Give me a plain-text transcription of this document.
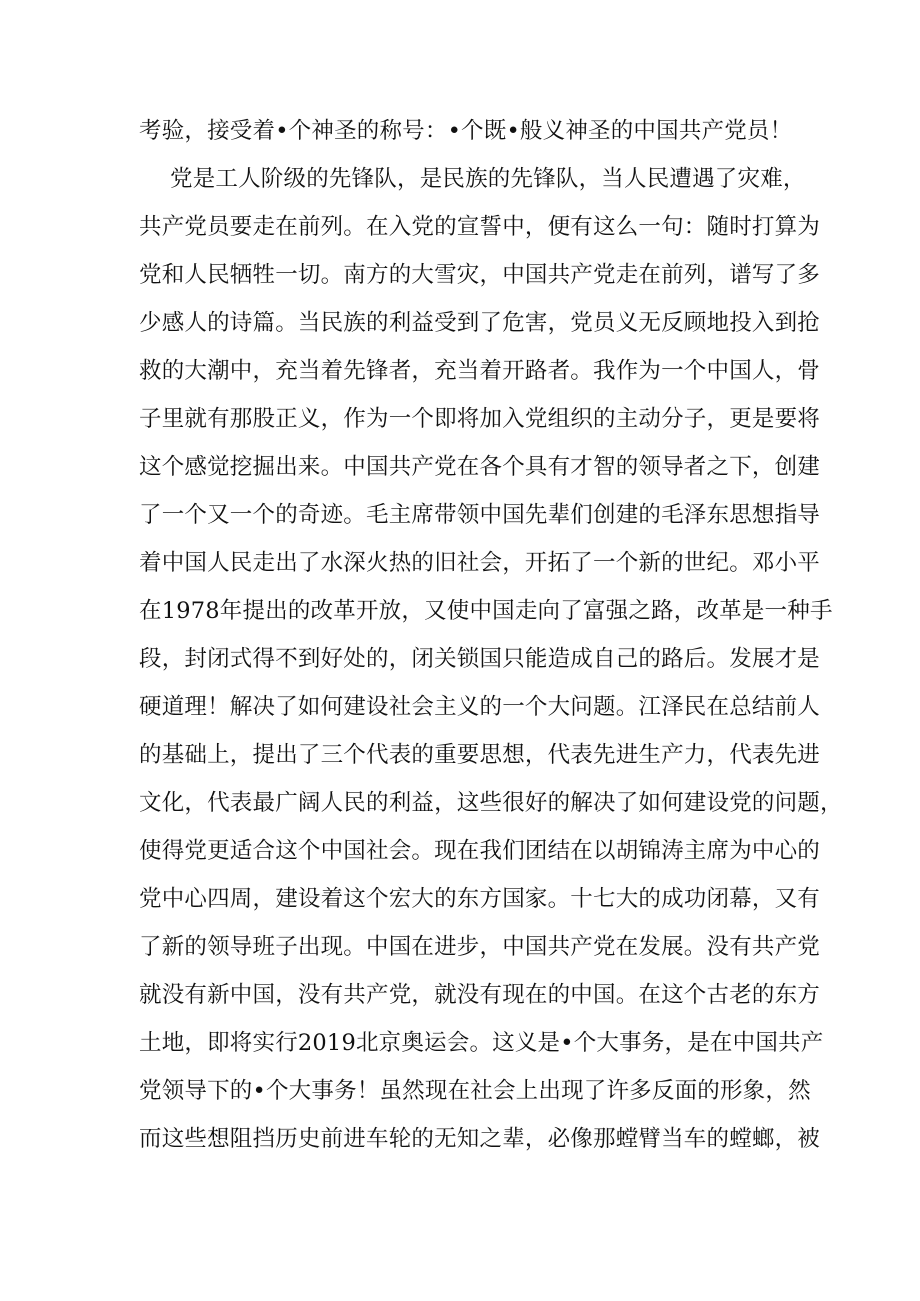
考验，接受着•个神圣的称号：•个既•般义神圣的中国共产党员！
党是工人阶级的先锋队，是民族的先锋队，当人民遭遇了灾难，
共产党员要走在前列。在入党的宣誓中，便有这么一句：随时打算为
党和人民牺牲一切。南方的大雪灾，中国共产党走在前列，谱写了多
少感人的诗篇。当民族的利益受到了危害，党员义无反顾地投入到抢
救的大潮中，充当着先锋者，充当着开路者。我作为一个中国人，骨
子里就有那股正义，作为一个即将加入党组织的主动分子，更是要将
这个感觉挖掘出来。中国共产党在各个具有才智的领导者之下，创建
了一个又一个的奇迹。毛主席带领中国先辈们创建的毛泽东思想指导
着中国人民走出了水深火热的旧社会，开拓了一个新的世纪。邓小平
在1978年提出的改革开放，又使中国走向了富强之路，改革是一种手
段，封闭式得不到好处的，闭关锁国只能造成自己的路后。发展才是
硬道理！解决了如何建设社会主义的一个大问题。江泽民在总结前人
的基础上，提出了三个代表的重要思想，代表先进生产力，代表先进
文化，代表最广阔人民的利益，这些很好的解决了如何建设党的问题，
使得党更适合这个中国社会。现在我们团结在以胡锦涛主席为中心的
党中心四周，建设着这个宏大的东方国家。十七大的成功闭幕，又有
了新的领导班子出现。中国在进步，中国共产党在发展。没有共产党
就没有新中国，没有共产党，就没有现在的中国。在这个古老的东方
土地，即将实行2019北京奥运会。这义是•个大事务，是在中国共产
党领导下的•个大事务！虽然现在社会上出现了许多反面的形象，然
而这些想阻挡历史前进车轮的无知之辈，必像那螳臂当车的螳螂，被
